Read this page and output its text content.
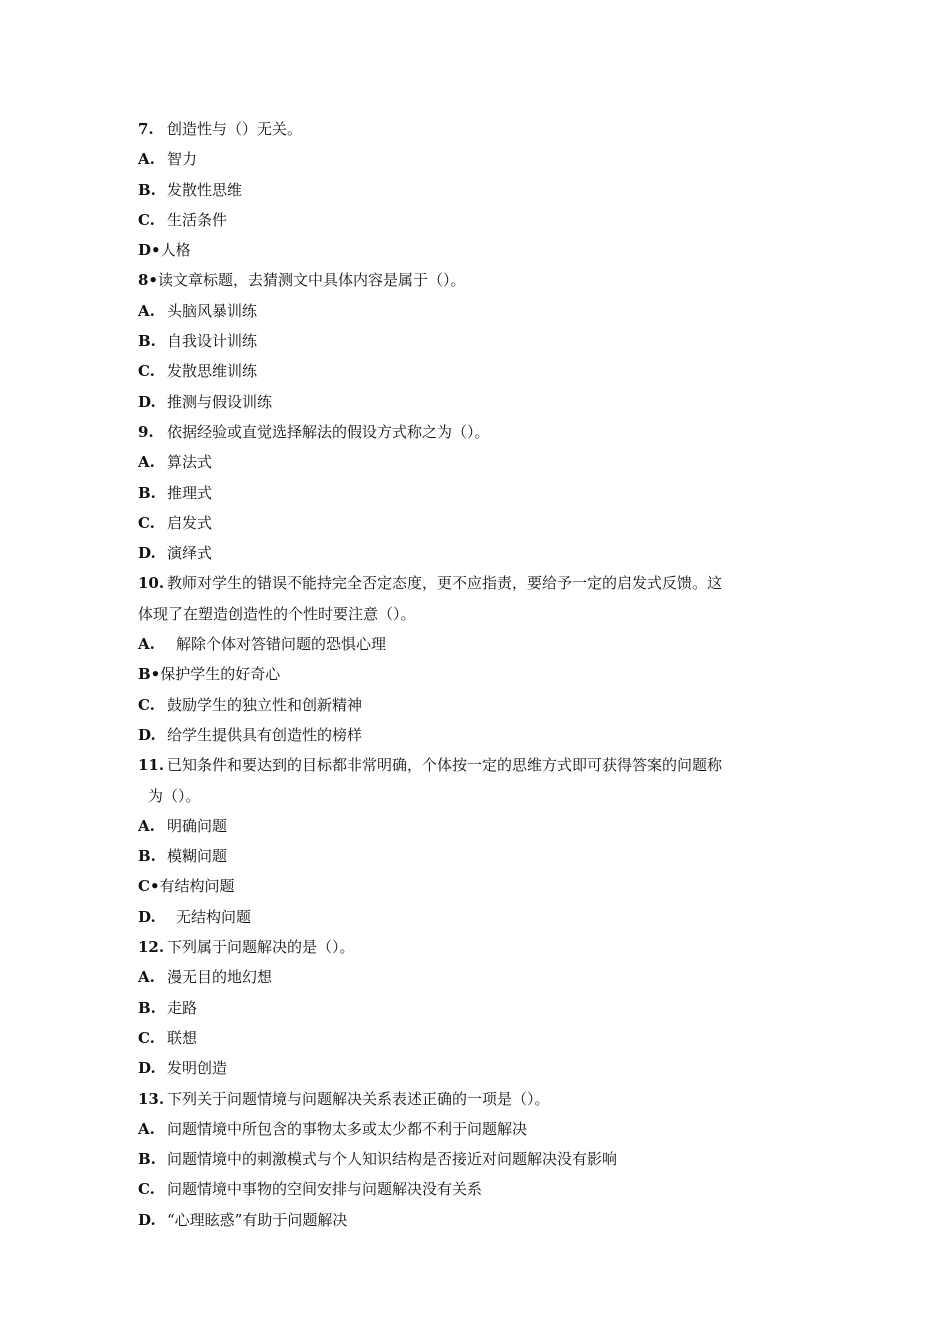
7. 创造性与（）无关。
A. 智力
B. 发散性思维
C. 生活条件
D•人格
8•读文章标题，去猜测文中具体内容是属于（）。
A. 头脑风暴训练
B. 自我设计训练
C. 发散思维训练
D. 推测与假设训练
9. 依据经验或直觉选择解法的假设方式称之为（）。
A. 算法式
B. 推理式
C. 启发式
D. 演绎式
10. 教师对学生的错误不能持完全否定态度，更不应指责，要给予一定的启发式反馈。这
体现了在塑造创造性的个性时要注意（）。
A. 解除个体对答错问题的恐惧心理
B•保护学生的好奇心
C. 鼓励学生的独立性和创新精神
D. 给学生提供具有创造性的榜样
11. 已知条件和要达到的目标都非常明确，个体按一定的思维方式即可获得答案的问题称
为（）。
A. 明确问题
B. 模糊问题
C•有结构问题
D. 无结构问题
12. 下列属于问题解决的是（）。
A. 漫无目的地幻想
B. 走路
C. 联想
D. 发明创造
13. 下列关于问题情境与问题解决关系表述正确的一项是（）。
A. 问题情境中所包含的事物太多或太少都不利于问题解决
B. 问题情境中的刺激模式与个人知识结构是否接近对问题解决没有影响
C. 问题情境中事物的空间安排与问题解决没有关系
D. “心理眩惑”有助于问题解决
